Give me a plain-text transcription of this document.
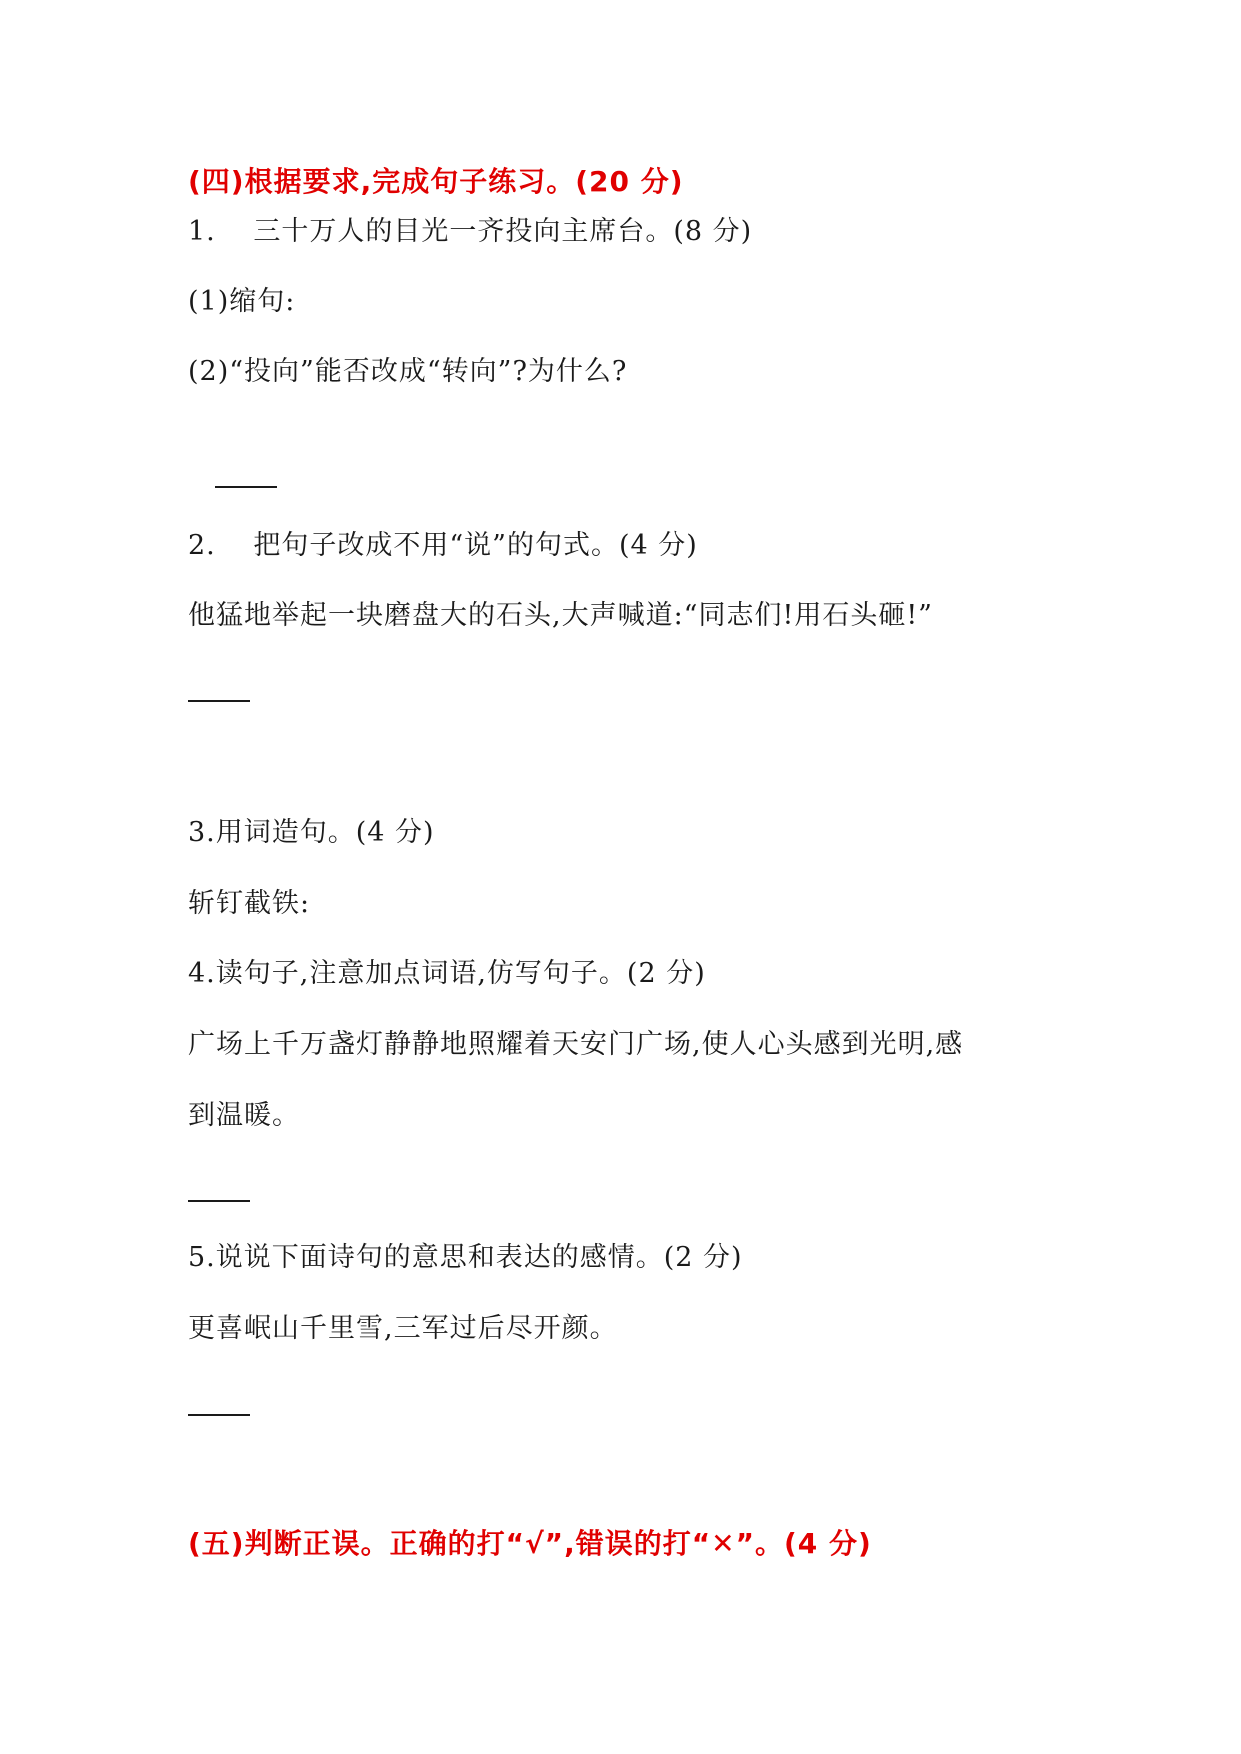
(四)根据要求,完成句子练习。(20 分)
1.　 三十万人的目光一齐投向主席台。(8 分)
(1)缩句:
(2)“投向”能否改成“转向”?为什么?
2.　 把句子改成不用“说”的句式。(4 分)
他猛地举起一块磨盘大的石头,大声喊道:“同志们!用石头砸!”
3.用词造句。(4 分)
斩钉截铁:
4.读句子,注意加点词语,仿写句子。(2 分)
广场上千万盏灯静静地照耀着天安门广场,使人心头感到光明,感
到温暖。
5.说说下面诗句的意思和表达的感情。(2 分)
更喜岷山千里雪,三军过后尽开颜。
(五)判断正误。正确的打“√”,错误的打“✕”。(4 分)
